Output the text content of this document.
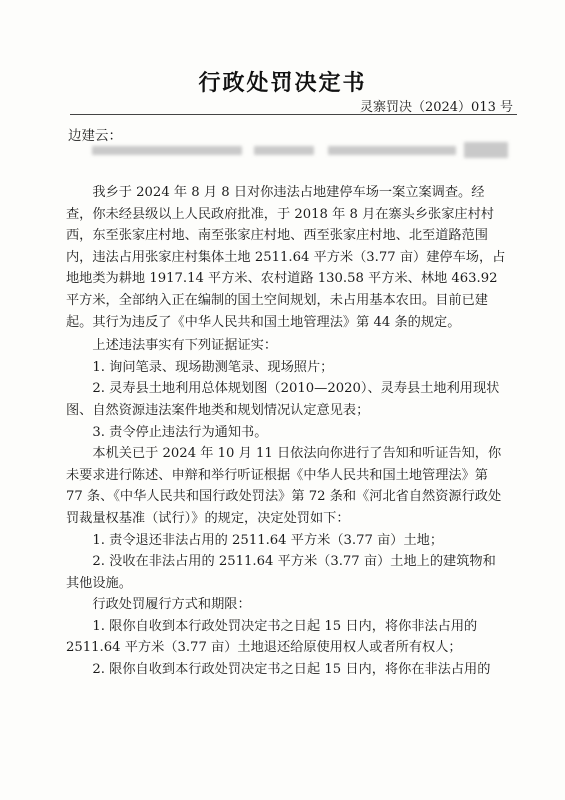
行政处罚决定书
灵寨罚决（2024）013 号
边建云：

我乡于 2024 年 8 月 8 日对你违法占地建停车场一案立案调查。经查，你未经县级以上人民政府批准，于 2018 年 8 月在寨头乡张家庄村村西，东至张家庄村地、南至张家庄村地、西至张家庄村地、北至道路范围内，违法占用张家庄村集体土地 2511.64 平方米（3.77 亩）建停车场，占地地类为耕地 1917.14 平方米、农村道路 130.58 平方米、林地 463.92 平方米，全部纳入正在编制的国土空间规划，未占用基本农田。目前已建起。其行为违反了《中华人民共和国土地管理法》第 44 条的规定。

上述违法事实有下列证据证实：

1. 询问笔录、现场勘测笔录、现场照片；

2. 灵寿县土地利用总体规划图（2010—2020）、灵寿县土地利用现状图、自然资源违法案件地类和规划情况认定意见表；

3. 责令停止违法行为通知书。

本机关已于 2024 年 10 月 11 日依法向你进行了告知和听证告知，你未要求进行陈述、申辩和举行听证根据《中华人民共和国土地管理法》第 77 条、《中华人民共和国行政处罚法》第 72 条和《河北省自然资源行政处罚裁量权基准（试行）》的规定，决定处罚如下：

1. 责令退还非法占用的 2511.64 平方米（3.77 亩）土地；

2. 没收在非法占用的 2511.64 平方米（3.77 亩）土地上的建筑物和其他设施。

行政处罚履行方式和期限：

1. 限你自收到本行政处罚决定书之日起 15 日内，将你非法占用的 2511.64 平方米（3.77 亩）土地退还给原使用权人或者所有权人；

2. 限你自收到本行政处罚决定书之日起 15 日内，将你在非法占用的
